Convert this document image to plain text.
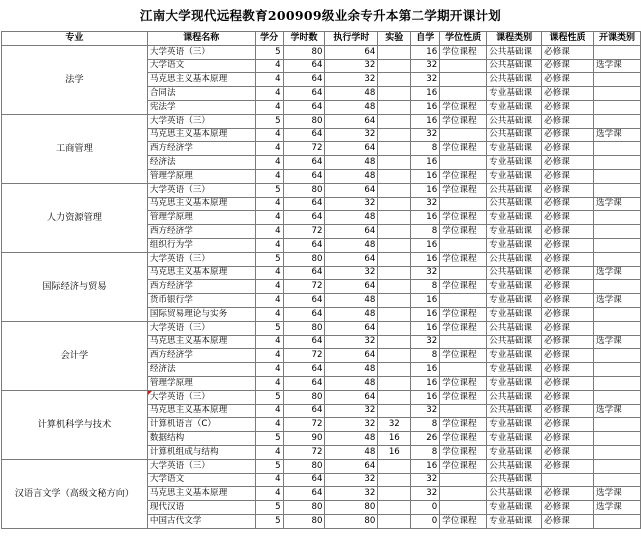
江南大学现代远程教育200909级业余专升本第二学期开课计划
专业	课程名称	学分	学时数	执行学时	实验	自学	学位性质	课程类别	课程性质	开课类别
法学	大学英语（三）	5	80	64		16	学位课程	公共基础课	必修课	
	大学语文	4	64	32		32		公共基础课	必修课	选学课
	马克思主义基本原理	4	64	32		32		公共基础课	必修课	
	合同法	4	64	48		16		专业基础课	必修课	
	宪法学	4	64	48		16	学位课程	专业基础课	必修课	
工商管理	大学英语（三）	5	80	64		16	学位课程	公共基础课	必修课	
	马克思主义基本原理	4	64	32		32		公共基础课	必修课	选学课
	西方经济学	4	72	64		8	学位课程	专业基础课	必修课	
	经济法	4	64	48		16		专业基础课	必修课	
	管理学原理	4	64	48		16	学位课程	专业基础课	必修课	
人力资源管理	大学英语（三）	5	80	64		16	学位课程	公共基础课	必修课	
	马克思主义基本原理	4	64	32		32		公共基础课	必修课	选学课
	管理学原理	4	64	48		16	学位课程	专业基础课	必修课	
	西方经济学	4	72	64		8	学位课程	专业基础课	必修课	
	组织行为学	4	64	48		16		专业基础课	必修课	
国际经济与贸易	大学英语（三）	5	80	64		16	学位课程	公共基础课	必修课	
	马克思主义基本原理	4	64	32		32		公共基础课	必修课	选学课
	西方经济学	4	72	64		8	学位课程	专业基础课	必修课	
	货币银行学	4	64	48		16		专业基础课	必修课	选学课
	国际贸易理论与实务	4	64	48		16	学位课程	专业基础课	必修课	
会计学	大学英语（三）	5	80	64		16	学位课程	公共基础课	必修课	
	马克思主义基本原理	4	64	32		32		公共基础课	必修课	选学课
	西方经济学	4	72	64		8	学位课程	专业基础课	必修课	
	经济法	4	64	48		16		专业基础课	必修课	
	管理学原理	4	64	48		16	学位课程	专业基础课	必修课	
计算机科学与技术	大学英语（三）	5	80	64		16	学位课程	公共基础课	必修课	
	马克思主义基本原理	4	64	32		32		公共基础课	必修课	选学课
	计算机语言（C）	4	72	32	32	8	学位课程	专业基础课	必修课	
	数据结构	5	90	48	16	26	学位课程	专业基础课	必修课	
	计算机组成与结构	4	72	48	16	8	学位课程	专业基础课	必修课	
汉语言文学（高级文秘方向）	大学英语（三）	5	80	64		16	学位课程	公共基础课	必修课	
	大学语文	4	64	32		32		公共基础课		
	马克思主义基本原理	4	64	32		32		公共基础课	必修课	选学课
	现代汉语	5	80	80		0		专业基础课	必修课	选学课
	中国古代文学	5	80	80		0	学位课程	专业基础课	必修课	
